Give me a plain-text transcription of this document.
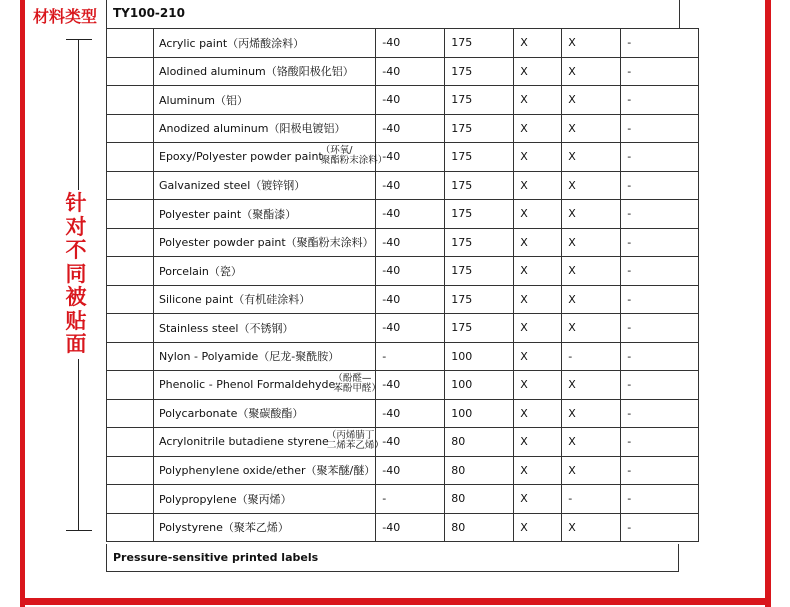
材料类型 TY100-210
针
对
不
同
被
贴
面
	Acrylic paint（丙烯酸涂料）	-40	175	X	X	-
	Alodined aluminum（铬酸阳极化铝）	-40	175	X	X	-
	Aluminum（铝）	-40	175	X	X	-
	Anodized aluminum（阳极电镀铝）	-40	175	X	X	-
	Epoxy/Polyester powder paint
（环氧/
聚酯粉末涂料）	-40	175	X	X	-
	Galvanized steel（镀锌钢）	-40	175	X	X	-
	Polyester paint（聚酯漆）	-40	175	X	X	-
	Polyester powder paint（聚酯粉末涂料）	-40	175	X	X	-
	Porcelain（瓷）	-40	175	X	X	-
	Silicone paint（有机硅涂料）	-40	175	X	X	-
	Stainless steel（不锈钢）	-40	175	X	X	-
	Nylon - Polyamide（尼龙-聚酰胺）	-	100	X	-	-
	Phenolic - Phenol Formaldehyde
（酚醛—
苯酚甲醛）	-40	100	X	X	-
	Polycarbonate（聚碳酸酯）	-40	100	X	X	-
	Acrylonitrile butadiene styrene
（丙烯腈丁
二烯苯乙烯）	-40	80	X	X	-
	Polyphenylene oxide/ether（聚苯醚/醚）	-40	80	X	X	-
	Polypropylene（聚丙烯）	-	80	X	-	-
	Polystyrene（聚苯乙烯）	-40	80	X	X	-
Pressure-sensitive printed labels
